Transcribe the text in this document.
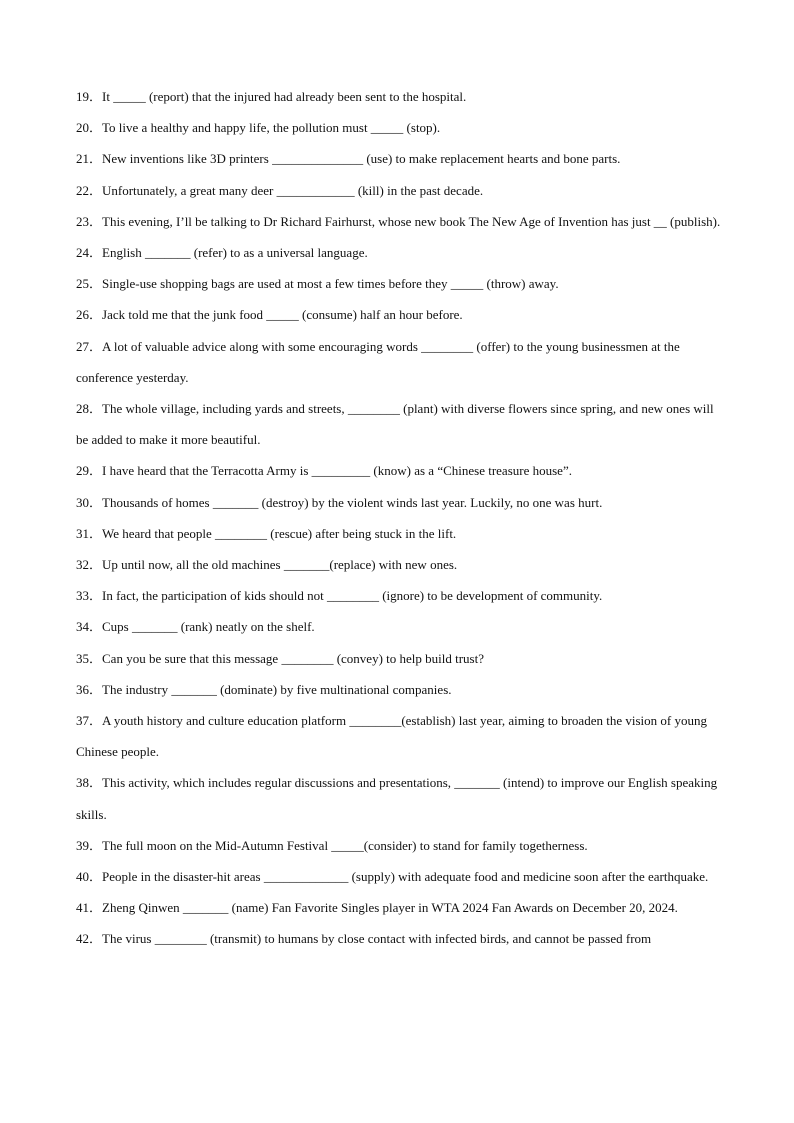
19．It _____ (report) that the injured had already been sent to the hospital.
20．To live a healthy and happy life, the pollution must _____ (stop).
21．New inventions like 3D printers ______________ (use) to make replacement hearts and bone parts.
22．Unfortunately, a great many deer ____________ (kill) in the past decade.
23．This evening, I’ll be talking to Dr Richard Fairhurst, whose new book The New Age of Invention has just __ (publish).
24．English _______ (refer) to as a universal language.
25．Single-use shopping bags are used at most a few times before they _____ (throw) away.
26．Jack told me that the junk food _____ (consume) half an hour before.
27．A lot of valuable advice along with some encouraging words ________ (offer) to the young businessmen at the conference yesterday.
28．The whole village, including yards and streets, ________ (plant) with diverse flowers since spring, and new ones will be added to make it more beautiful.
29．I have heard that the Terracotta Army is _________ (know) as a “Chinese treasure house”.
30．Thousands of homes _______ (destroy) by the violent winds last year. Luckily, no one was hurt.
31．We heard that people ________ (rescue) after being stuck in the lift.
32．Up until now, all the old machines _______(replace) with new ones.
33．In fact, the participation of kids should not ________ (ignore) to be development of community.
34．Cups _______ (rank) neatly on the shelf.
35．Can you be sure that this message ________ (convey) to help build trust?
36．The industry _______ (dominate) by five multinational companies.
37．A youth history and culture education platform ________(establish) last year, aiming to broaden the vision of young Chinese people.
38．This activity, which includes regular discussions and presentations, _______ (intend) to improve our English speaking skills.
39．The full moon on the Mid-Autumn Festival _____(consider) to stand for family togetherness.
40．People in the disaster-hit areas _____________ (supply) with adequate food and medicine soon after the earthquake.
41．Zheng Qinwen _______ (name) Fan Favorite Singles player in WTA 2024 Fan Awards on December 20, 2024.
42．The virus ________ (transmit) to humans by close contact with infected birds, and cannot be passed from
